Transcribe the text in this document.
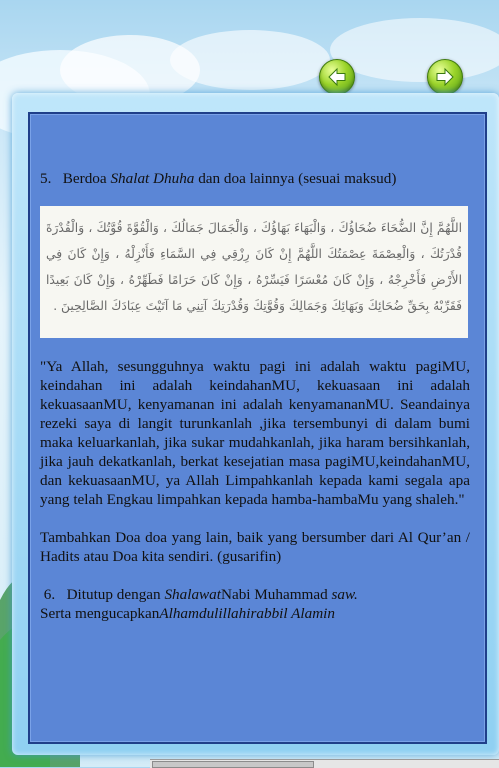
5. Berdoa Shalat Dhuha dan doa lainnya (sesuai maksud)

اللَّهُمَّ إِنَّ الضُّحَاءَ ضُحَاؤُكَ ، وَالْبَهَاءَ بَهَاؤُكَ ، وَالْجَمَالَ جَمَالُكَ ، وَالْقُوَّةَ قُوَّتُكَ ، وَالْقُدْرَةَ قُدْرَتُكَ ، وَالْعِصْمَةَ عِصْمَتُكَ اللَّهُمَّ إِنْ كَانَ رِزْقِي فِي السَّمَاءِ فَأَنْزِلْهُ ، وَإِنْ كَانَ فِي الأَرْضِ فَأَخْرِجْهُ ، وَإِنْ كَانَ مُعْسَرًا فَيَسِّرْهُ ، وَإِنْ كَانَ حَرَامًا فَطَهِّرْهُ ، وَإِنْ كَانَ بَعِيدًا فَقَرِّبْهُ بِحَقِّ ضُحَائِكَ وَبَهَائِكَ وَجَمَالِكَ وَقُوَّتِكَ وَقُدْرَتِكَ آتِنِي مَا آتَيْتَ عِبَادَكَ الصَّالِحِينَ .

"Ya Allah, sesungguhnya waktu pagi ini adalah waktu pagiMU, keindahan ini adalah keindahanMU, kekuasaan ini adalah kekuasaanMU, kenyamanan ini adalah kenyamananMU. Seandainya rezeki saya di langit turunkanlah ,jika tersembunyi di dalam bumi maka keluarkanlah, jika sukar mudahkanlah, jika haram bersihkanlah, jika jauh dekatkanlah, berkat kesejatian masa pagiMU,keindahanMU, dan kekuasaanMU, ya Allah Limpahkanlah kepada kami segala apa yang telah Engkau limpahkan kepada hamba-hambaMu yang shaleh."

Tambahkan Doa doa yang lain, baik yang bersumber dari Al Qur’an / Hadits atau Doa kita sendiri. (gusarifin)

6. Ditutup dengan ShalawatNabi Muhammad saw.
Serta mengucapkanAlhamdulillahirabbil Alamin
